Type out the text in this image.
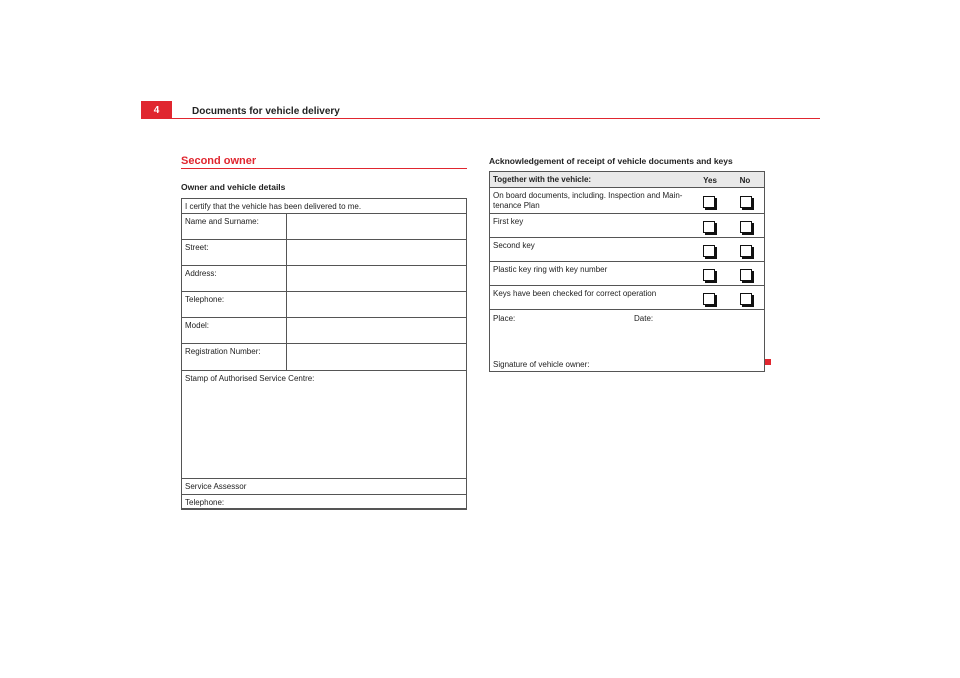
4	Documents for vehicle delivery
Second owner
Owner and vehicle details
I certify that the vehicle has been delivered to me.
Name and Surname:
Street:
Address:
Telephone:
Model:
Registration Number:
Stamp of Authorised Service Centre:
Service Assessor
Telephone:
Acknowledgement of receipt of vehicle documents and keys
Together with the vehicle:	Yes	No
On board documents, including. Inspection and Main-tenance Plan
First key
Second key
Plastic key ring with key number
Keys have been checked for correct operation
Place:	Date:
Signature of vehicle owner:
